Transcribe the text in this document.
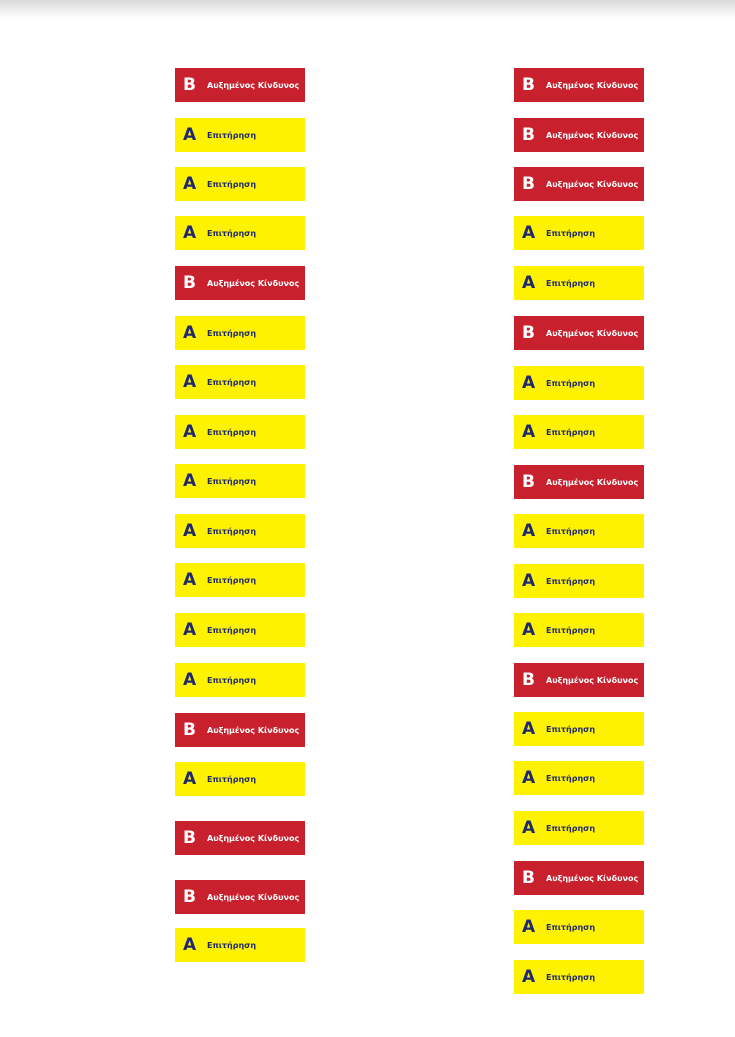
Β	Αυξημένος Κίνδυνος
Α	Επιτήρηση
Α	Επιτήρηση
Α	Επιτήρηση
Β	Αυξημένος Κίνδυνος
Α	Επιτήρηση
Α	Επιτήρηση
Α	Επιτήρηση
Α	Επιτήρηση
Α	Επιτήρηση
Α	Επιτήρηση
Α	Επιτήρηση
Α	Επιτήρηση
Β	Αυξημένος Κίνδυνος
Α	Επιτήρηση
Β	Αυξημένος Κίνδυνος
Β	Αυξημένος Κίνδυνος
Α	Επιτήρηση
Β	Αυξημένος Κίνδυνος
Β	Αυξημένος Κίνδυνος
Β	Αυξημένος Κίνδυνος
Α	Επιτήρηση
Α	Επιτήρηση
Β	Αυξημένος Κίνδυνος
Α	Επιτήρηση
Α	Επιτήρηση
Β	Αυξημένος Κίνδυνος
Α	Επιτήρηση
Α	Επιτήρηση
Α	Επιτήρηση
Β	Αυξημένος Κίνδυνος
Α	Επιτήρηση
Α	Επιτήρηση
Α	Επιτήρηση
Β	Αυξημένος Κίνδυνος
Α	Επιτήρηση
Α	Επιτήρηση
